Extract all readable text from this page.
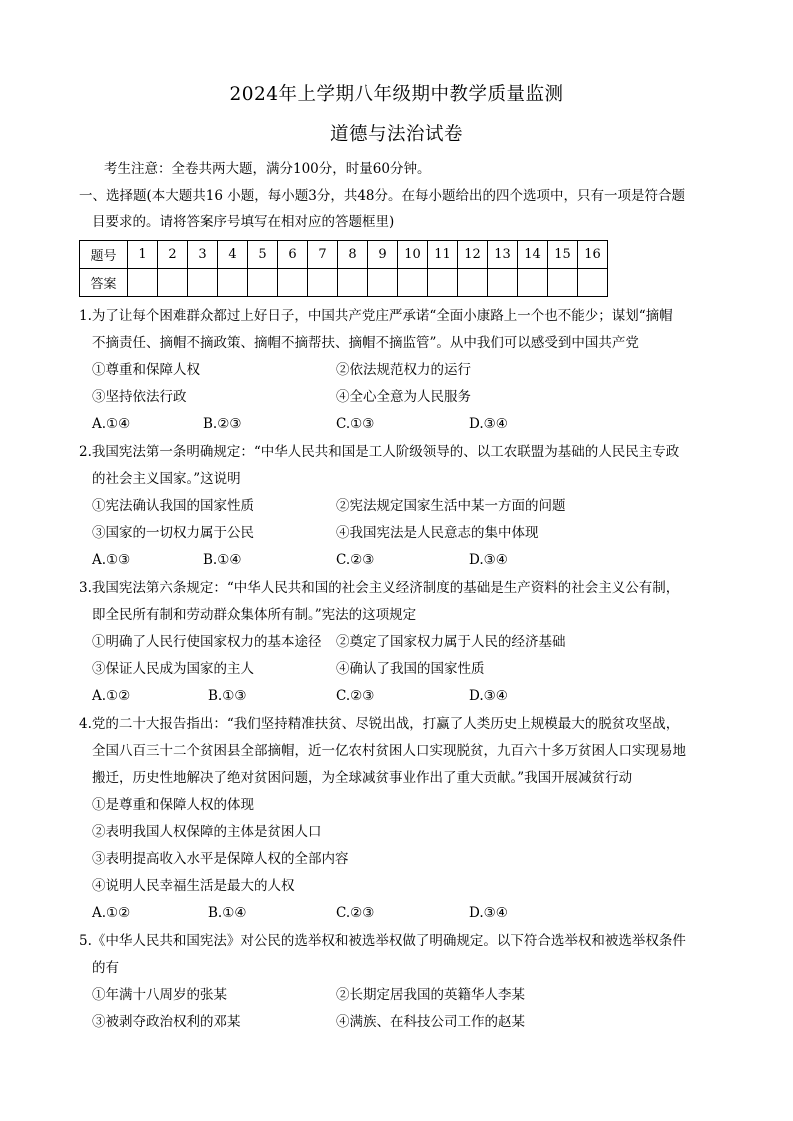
2024年上学期八年级期中教学质量监测
道德与法治试卷
考生注意：全卷共两大题，满分100分，时量60分钟。
一、选择题(本大题共16 小题，每小题3分，共48分。在每小题给出的四个选项中，只有一项是符合题
目要求的。请将答案序号填写在相对应的答题框里)
题号	1	2	3	4	5	6	7	8	9	10	11	12	13	14	15	16
答案																
1.为了让每个困难群众都过上好日子，中国共产党庄严承诺“全面小康路上一个也不能少；谋划“摘帽
不摘责任、摘帽不摘政策、摘帽不摘帮扶、摘帽不摘监管”。从中我们可以感受到中国共产党
①尊重和保障人权	②依法规范权力的运行
③坚持依法行政	④全心全意为人民服务
A.①④	B.②③	C.①③	D.③④
2.我国宪法第一条明确规定：“中华人民共和国是工人阶级领导的、以工农联盟为基础的人民民主专政
的社会主义国家。”这说明
①宪法确认我国的国家性质	②宪法规定国家生活中某一方面的问题
③国家的一切权力属于公民	④我国宪法是人民意志的集中体现
A.①③	B.①④	C.②③	D.③④
3.我国宪法第六条规定：“中华人民共和国的社会主义经济制度的基础是生产资料的社会主义公有制，
即全民所有制和劳动群众集体所有制。”宪法的这项规定
①明确了人民行使国家权力的基本途径 ②奠定了国家权力属于人民的经济基础
③保证人民成为国家的主人	④确认了我国的国家性质
A.①②	B.①③	C.②③	D.③④
4.党的二十大报告指出：“我们坚持精准扶贫、尽锐出战，打赢了人类历史上规模最大的脱贫攻坚战，
全国八百三十二个贫困县全部摘帽，近一亿农村贫困人口实现脱贫，九百六十多万贫困人口实现易地
搬迁，历史性地解决了绝对贫困问题，为全球减贫事业作出了重大贡献。”我国开展减贫行动
①是尊重和保障人权的体现
②表明我国人权保障的主体是贫困人口
③表明提高收入水平是保障人权的全部内容
④说明人民幸福生活是最大的人权
A.①②	B.①④	C.②③	D.③④
5.《中华人民共和国宪法》对公民的选举权和被选举权做了明确规定。以下符合选举权和被选举权条件
的有
①年满十八周岁的张某	②长期定居我国的英籍华人李某
③被剥夺政治权利的邓某	④满族、在科技公司工作的赵某
